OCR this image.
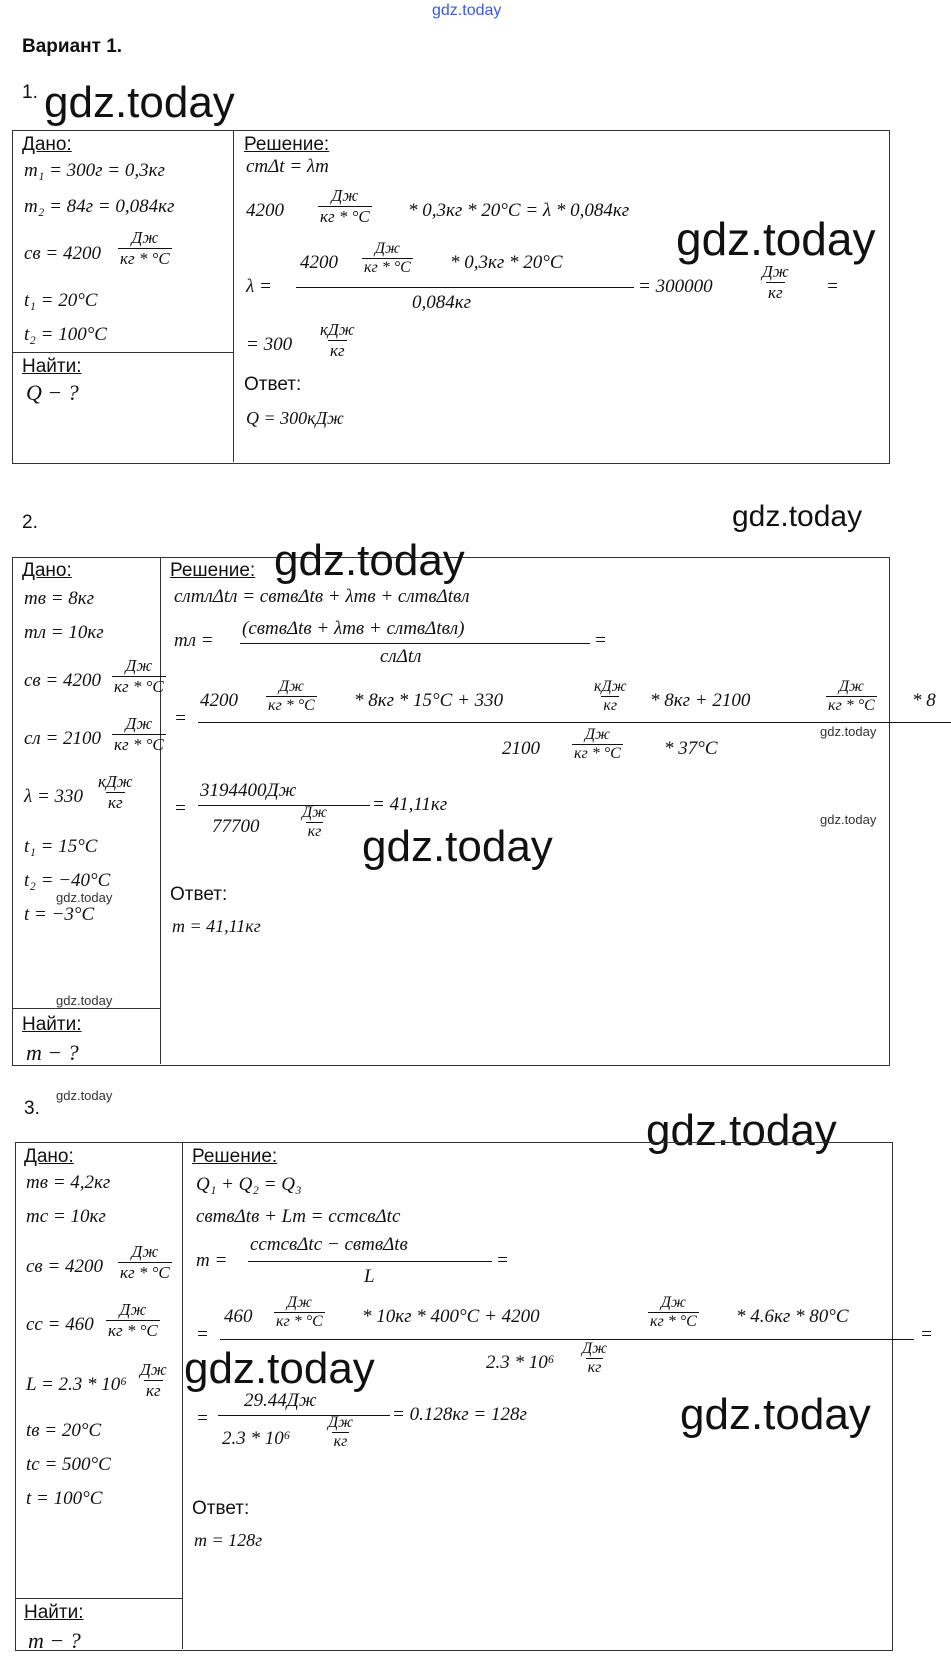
gdz.today
Вариант 1.
1. gdz.today
Дано:
m₁ = 300г = 0,3кг
m₂ = 84г = 0,084кг
cв = 4200
Дж
кг * °С
t₁ = 20°С
t₂ = 100°С
Найти:
Q − ?
Решение:
cmΔt = λm
4200
Дж
кг * °С * 0,3кг * 20°С = λ * 0,084кг
λ =
4200
Дж
кг * °С * 0,3кг * 20°С
0,084кг
= 300000
Дж
кг =
= 300
кДж
кг
Ответ:
Q = 300кДж
gdz.today
2.	gdz.today
Дано:
mв = 8кг
mл = 10кг
cв = 4200
Дж
кг * °С
cл = 2100
Дж
кг * °С
λ = 330
кДж
кг
t₁ = 15°С
t₂ = −40°С
gdz.today
t = −3°С
gdz.today
Найти:
m − ?
Решение: gdz.today
cлmлΔtл = cвmвΔtв + λmв + cлmвΔtвл
mл =
(cвmвΔtв + λmв + cлmвΔtвл)
cлΔtл
=
=
4200
Дж
кг * °С * 8кг * 15°С + 330
кДж
кг * 8кг + 2100
Дж
кг * °С * 8
gdz.today
2100
Дж
кг * °С * 37°С
=
3194400Дж
77700
Дж
кг
= 41,11кг
gdz.today
gdz.today
Ответ:
m = 41,11кг
gdz.today
3.	gdz.today
Дано:
mв = 4,2кг
mс = 10кг
cв = 4200
Дж
кг * °С
cс = 460
Дж
кг * °С
L = 2.3 * 10⁶
Дж
кг
tв = 20°С
tс = 500°С
t = 100°С
Найти:
m − ?
Решение:
Q₁ + Q₂ = Q₃
cвmвΔtв + Lm = cсmсвΔtс
m =
cсmсвΔtс − cвmвΔtв
L
=
=
460
Дж
кг * °С * 10кг * 400°С + 4200
Дж
кг * °С * 4.6кг * 80°С
=
2.3 * 10⁶
Дж
кг
=
29.44Дж
2.3 * 10⁶
Дж
кг
= 0.128кг = 128г
gdz.today
gdz.today
Ответ:
m = 128г
